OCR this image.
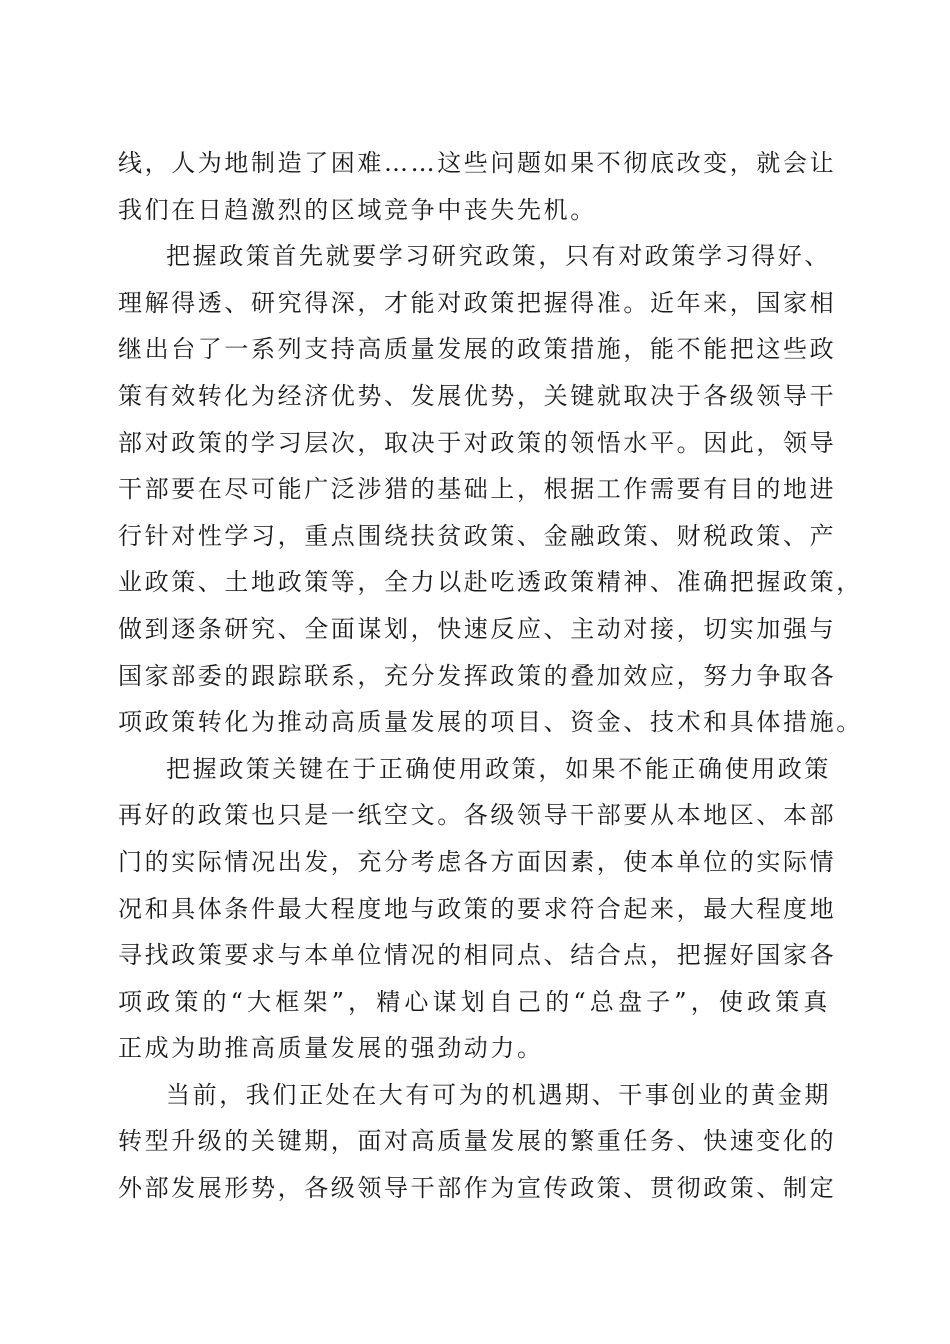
线，人为地制造了困难……这些问题如果不彻底改变，就会让
我们在日趋激烈的区域竞争中丧失先机。
把握政策首先就要学习研究政策，只有对政策学习得好、
理解得透、研究得深，才能对政策把握得准。近年来，国家相
继出台了一系列支持高质量发展的政策措施，能不能把这些政
策有效转化为经济优势、发展优势，关键就取决于各级领导干
部对政策的学习层次，取决于对政策的领悟水平。因此，领导
干部要在尽可能广泛涉猎的基础上，根据工作需要有目的地进
行针对性学习，重点围绕扶贫政策、金融政策、财税政策、产
业政策、土地政策等，全力以赴吃透政策精神、准确把握政策，
做到逐条研究、全面谋划，快速反应、主动对接，切实加强与
国家部委的跟踪联系，充分发挥政策的叠加效应，努力争取各
项政策转化为推动高质量发展的项目、资金、技术和具体措施。
把握政策关键在于正确使用政策，如果不能正确使用政策
再好的政策也只是一纸空文。各级领导干部要从本地区、本部
门的实际情况出发，充分考虑各方面因素，使本单位的实际情
况和具体条件最大程度地与政策的要求符合起来，最大程度地
寻找政策要求与本单位情况的相同点、结合点，把握好国家各
项政策的“大框架”，精心谋划自己的“总盘子”，使政策真
正成为助推高质量发展的强劲动力。
当前，我们正处在大有可为的机遇期、干事创业的黄金期
转型升级的关键期，面对高质量发展的繁重任务、快速变化的
外部发展形势，各级领导干部作为宣传政策、贯彻政策、制定
